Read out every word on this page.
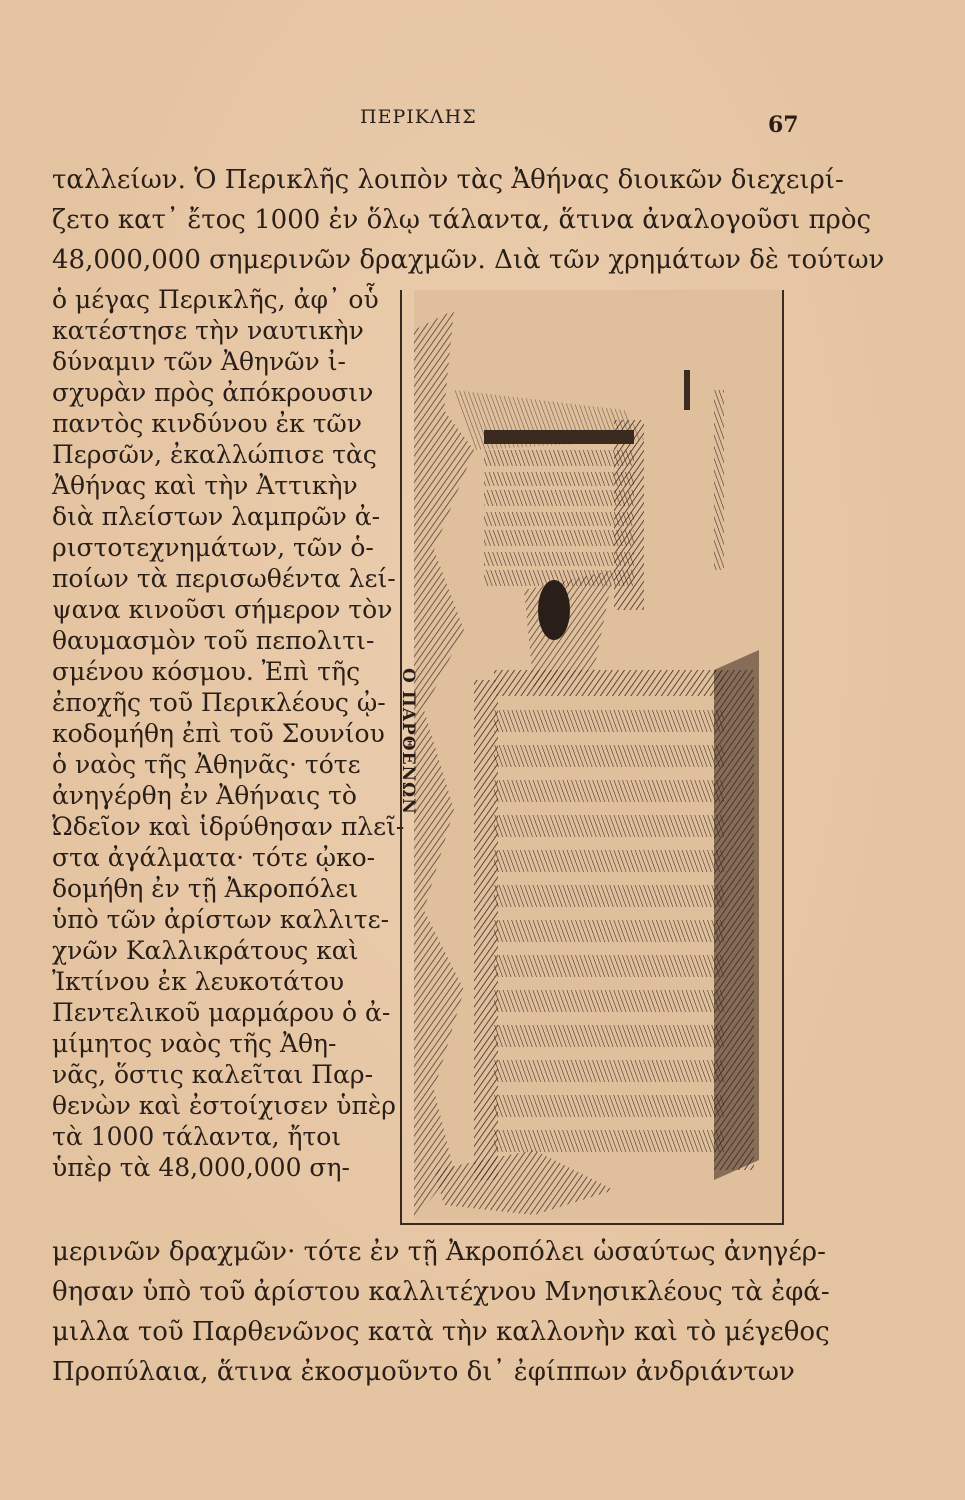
ΠΕΡΙΚΛΗΣ	67
ταλλείων. Ὁ Περικλῆς λοιπὸν τὰς Ἀθήνας διοικῶν διεχειρί-
ζετο κατ᾽ ἔτος 1000 ἐν ὅλῳ τάλαντα, ἅτινα ἀναλογοῦσι πρὸς
48,000,000 σημερινῶν δραχμῶν. Διὰ τῶν χρημάτων δὲ τούτων
ὁ μέγας Περικλῆς, ἀφ᾽ οὗ
κατέστησε τὴν ναυτικὴν
δύναμιν τῶν Ἀθηνῶν ἰ-
σχυρὰν πρὸς ἀπόκρουσιν
παντὸς κινδύνου ἐκ τῶν
Περσῶν, ἐκαλλώπισε τὰς
Ἀθήνας καὶ τὴν Ἀττικὴν
διὰ πλείστων λαμπρῶν ἀ-
ριστοτεχνημάτων, τῶν ὁ-
ποίων τὰ περισωθέντα λεί-
ψανα κινοῦσι σήμερον τὸν
θαυμασμὸν τοῦ πεπολιτι-
σμένου κόσμου. Ἐπὶ τῆς
ἐποχῆς τοῦ Περικλέους ᾠ-
κοδομήθη ἐπὶ τοῦ Σουνίου
ὁ ναὸς τῆς Ἀθηνᾶς· τότε
ἀνηγέρθη ἐν Ἀθήναις τὸ
Ὠδεῖον καὶ ἱδρύθησαν πλεῖ-
στα ἀγάλματα· τότε ᾠκο-
δομήθη ἐν τῇ Ἀκροπόλει
ὑπὸ τῶν ἀρίστων καλλιτε-
χνῶν Καλλικράτους καὶ
Ἰκτίνου ἐκ λευκοτάτου
Πεντελικοῦ μαρμάρου ὁ ἀ-
μίμητος ναὸς τῆς Ἀθη-
νᾶς, ὅστις καλεῖται Παρ-
θενὼν καὶ ἐστοίχισεν ὑπὲρ
τὰ 1000 τάλαντα, ἤτοι
ὑπὲρ τὰ 48,000,000 ση-
Ο ΠΑΡΘΕΝΩΝ
μερινῶν δραχμῶν· τότε ἐν τῇ Ἀκροπόλει ὡσαύτως ἀνηγέρ-
θησαν ὑπὸ τοῦ ἀρίστου καλλιτέχνου Μνησικλέους τὰ ἐφά-
μιλλα τοῦ Παρθενῶνος κατὰ τὴν καλλονὴν καὶ τὸ μέγεθος
Προπύλαια, ἅτινα ἐκοσμοῦντο δι᾽ ἐφίππων ἀνδριάντων
